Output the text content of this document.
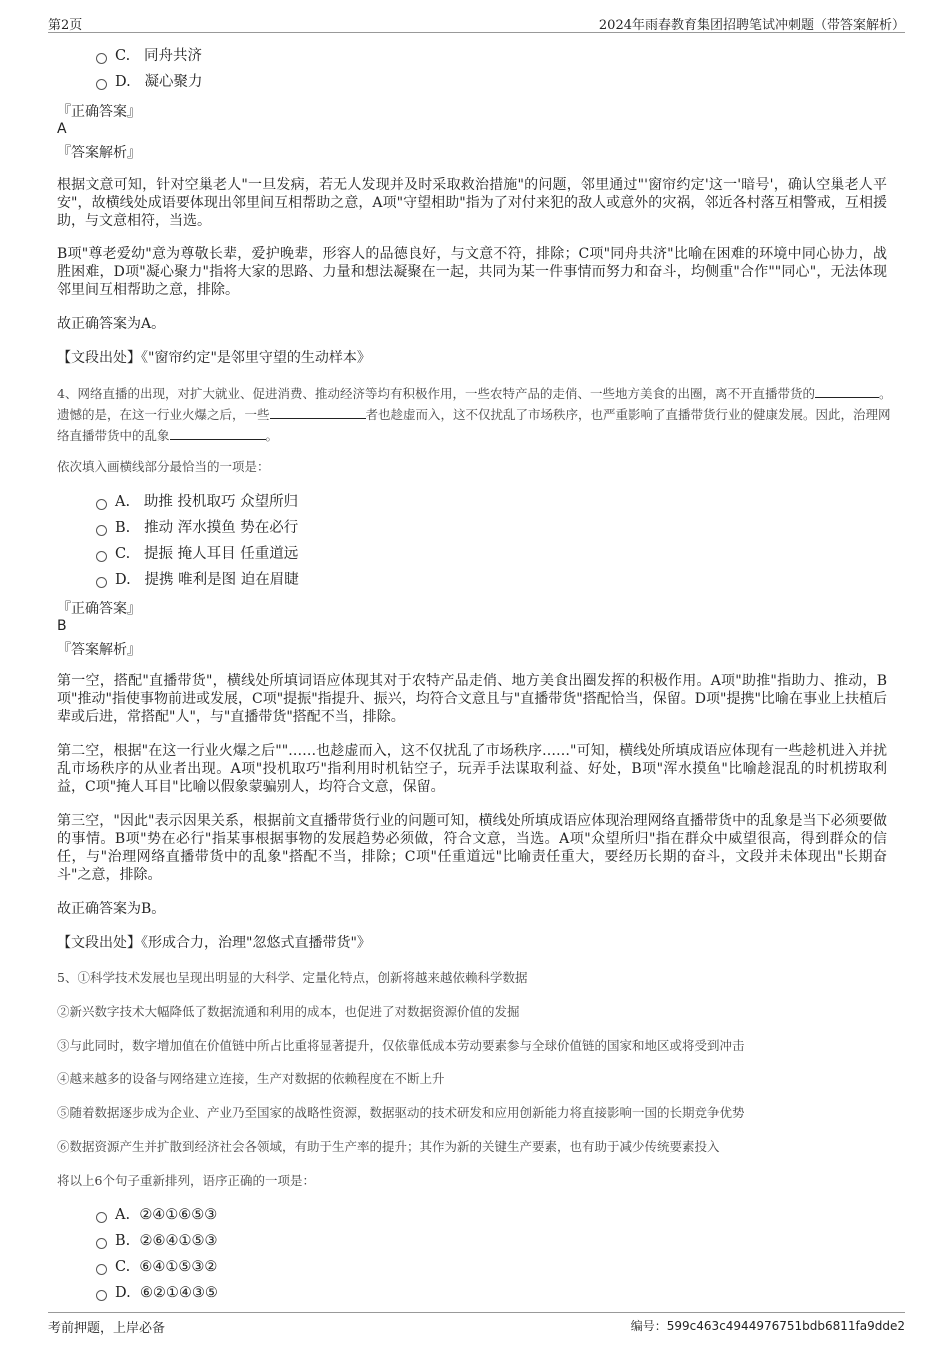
第2页	2024年雨春教育集团招聘笔试冲刺题（带答案解析）
C. 同舟共济
D. 凝心聚力
『正确答案』
A
『答案解析』
根据文意可知，针对空巢老人"一旦发病，若无人发现并及时采取救治措施"的问题，邻里通过"'窗帘约定'这一'暗号'，确认空巢老人平安"，故横线处成语要体现出邻里间互相帮助之意，A项"守望相助"指为了对付来犯的敌人或意外的灾祸，邻近各村落互相警戒，互相援助，与文意相符，当选。
B项"尊老爱幼"意为尊敬长辈，爱护晚辈，形容人的品德良好，与文意不符，排除；C项"同舟共济"比喻在困难的环境中同心协力，战胜困难，D项"凝心聚力"指将大家的思路、力量和想法凝聚在一起，共同为某一件事情而努力和奋斗，均侧重"合作""同心"，无法体现邻里间互相帮助之意，排除。
故正确答案为A。
【文段出处】《"窗帘约定"是邻里守望的生动样本》
4、网络直播的出现，对扩大就业、促进消费、推动经济等均有积极作用，一些农特产品的走俏、一些地方美食的出圈，离不开直播带货的	。遗憾的是，在这一行业火爆之后，一些	者也趁虚而入，这不仅扰乱了市场秩序，也严重影响了直播带货行业的健康发展。因此，治理网络直播带货中的乱象	。
依次填入画横线部分最恰当的一项是：
A. 助推 投机取巧 众望所归
B. 推动 浑水摸鱼 势在必行
C. 提振 掩人耳目 任重道远
D. 提携 唯利是图 迫在眉睫
『正确答案』
B
『答案解析』
第一空，搭配"直播带货"，横线处所填词语应体现其对于农特产品走俏、地方美食出圈发挥的积极作用。A项"助推"指助力、推动，B项"推动"指使事物前进或发展，C项"提振"指提升、振兴，均符合文意且与"直播带货"搭配恰当，保留。D项"提携"比喻在事业上扶植后辈或后进，常搭配"人"，与"直播带货"搭配不当，排除。
第二空，根据"在这一行业火爆之后""……也趁虚而入，这不仅扰乱了市场秩序……"可知，横线处所填成语应体现有一些趁机进入并扰乱市场秩序的从业者出现。A项"投机取巧"指利用时机钻空子，玩弄手法谋取利益、好处，B项"浑水摸鱼"比喻趁混乱的时机捞取利益，C项"掩人耳目"比喻以假象蒙骗别人，均符合文意，保留。
第三空，"因此"表示因果关系，根据前文直播带货行业的问题可知，横线处所填成语应体现治理网络直播带货中的乱象是当下必须要做的事情。B项"势在必行"指某事根据事物的发展趋势必须做，符合文意，当选。A项"众望所归"指在群众中威望很高，得到群众的信任，与"治理网络直播带货中的乱象"搭配不当，排除；C项"任重道远"比喻责任重大，要经历长期的奋斗，文段并未体现出"长期奋斗"之意，排除。
故正确答案为B。
【文段出处】《形成合力，治理"忽悠式直播带货"》
5、①科学技术发展也呈现出明显的大科学、定量化特点，创新将越来越依赖科学数据
②新兴数字技术大幅降低了数据流通和利用的成本，也促进了对数据资源价值的发掘
③与此同时，数字增加值在价值链中所占比重将显著提升，仅依靠低成本劳动要素参与全球价值链的国家和地区或将受到冲击
④越来越多的设备与网络建立连接，生产对数据的依赖程度在不断上升
⑤随着数据逐步成为企业、产业乃至国家的战略性资源，数据驱动的技术研发和应用创新能力将直接影响一国的长期竞争优势
⑥数据资源产生并扩散到经济社会各领域，有助于生产率的提升；其作为新的关键生产要素，也有助于减少传统要素投入
将以上6个句子重新排列，语序正确的一项是：
A. ②④①⑥⑤③
B. ②⑥④①⑤③
C. ⑥④①⑤③②
D. ⑥②①④③⑤
考前押题，上岸必备	编号：599c463c4944976751bdb6811fa9dde2
